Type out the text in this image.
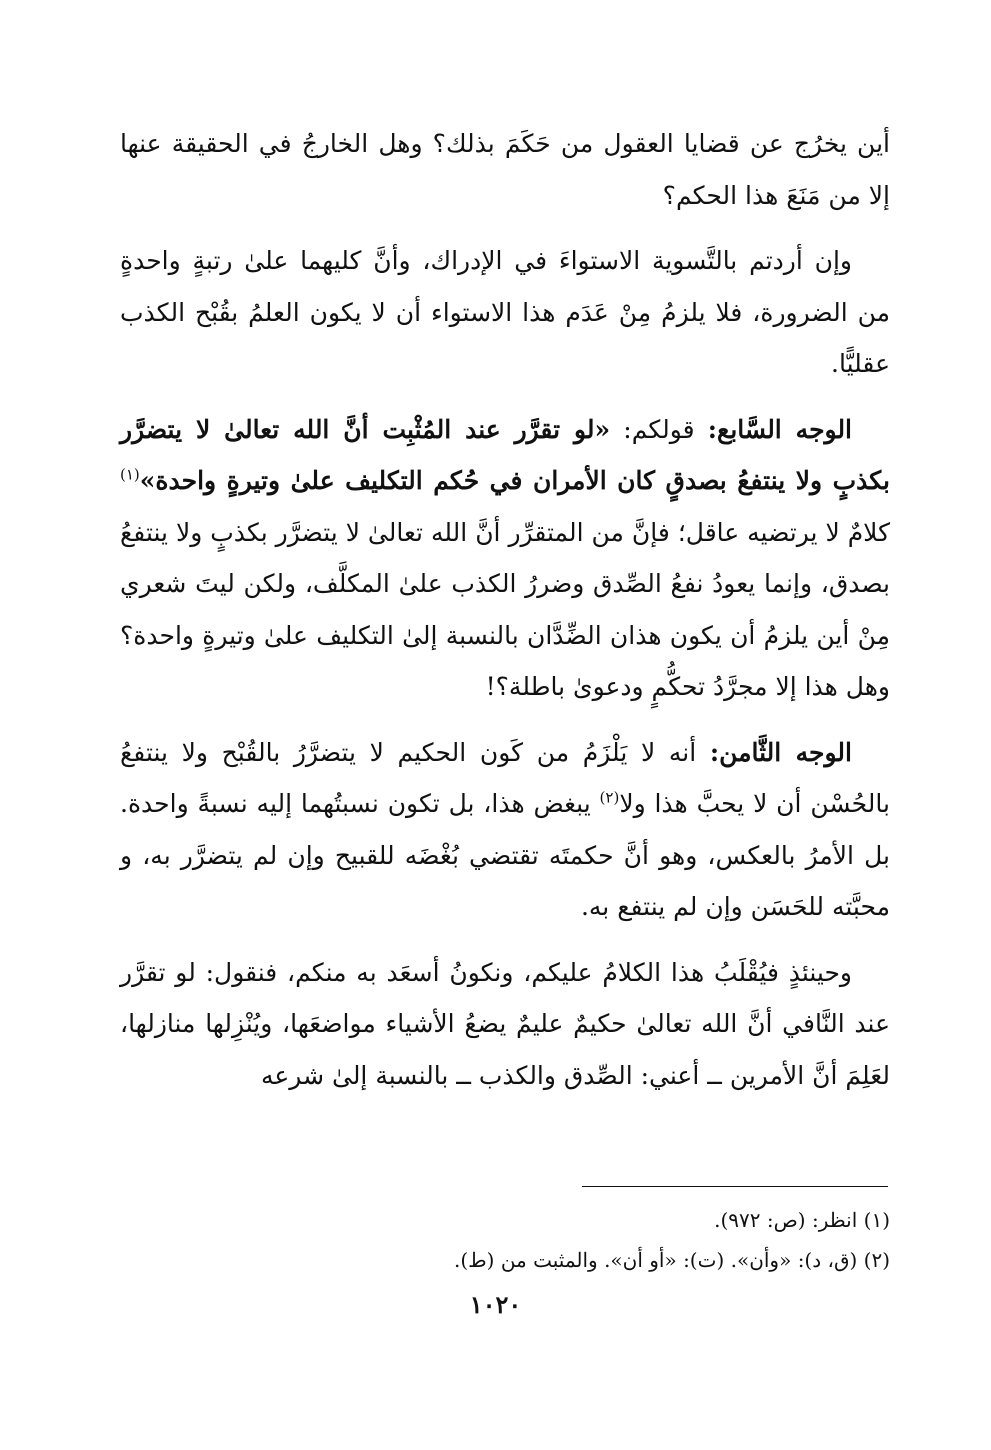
أين يخرُج عن قضايا العقول من حَكَمَ بذلك؟ وهل الخارجُ في الحقيقة عنها إلا من مَنَعَ هذا الحكم؟

وإن أردتم بالتَّسوية الاستواءَ في الإدراك، وأنَّ كليهما علىٰ رتبةٍ واحدةٍ من الضرورة، فلا يلزمُ مِنْ عَدَم هذا الاستواء أن لا يكون العلمُ بقُبْح الكذب عقليًّا.

الوجه السَّابع: قولكم: «لو تقرَّر عند المُثْبِت أنَّ الله تعالىٰ لا يتضرَّر بكذبٍ ولا ينتفعُ بصدقٍ كان الأمران في حُكم التكليف علىٰ وتيرةٍ واحدة»$^{(١)}$ كلامٌ لا يرتضيه عاقل؛ فإنَّ من المتقرِّر أنَّ الله تعالىٰ لا يتضرَّر بكذبٍ ولا ينتفعُ بصدق، وإنما يعودُ نفعُ الصِّدق وضررُ الكذب علىٰ المكلَّف، ولكن ليتَ شعري مِنْ أين يلزمُ أن يكون هذان الضِّدَّان بالنسبة إلىٰ التكليف علىٰ وتيرةٍ واحدة؟ وهل هذا إلا مجرَّدُ تحكُّمٍ ودعوىٰ باطلة؟!

الوجه الثَّامن: أنه لا يَلْزَمُ من كَون الحكيم لا يتضرَّرُ بالقُبْح ولا ينتفعُ بالحُسْن أن لا يحبَّ هذا ولا$^{(٢)}$ يبغض هذا، بل تكون نسبتُهما إليه نسبةً واحدة. بل الأمرُ بالعكس، وهو أنَّ حكمتَه تقتضي بُغْضَه للقبيح وإن لم يتضرَّر به، و محبَّته للحَسَن وإن لم ينتفع به.

وحينئذٍ فيُقْلَبُ هذا الكلامُ عليكم، ونكونُ أسعَد به منكم، فنقول: لو تقرَّر عند النَّافي أنَّ الله تعالىٰ حكيمٌ عليمٌ يضعُ الأشياء مواضعَها، ويُنْزِلها منازلها، لعَلِمَ أنَّ الأمرين ــ أعني: الصِّدق والكذب ــ بالنسبة إلىٰ شرعه

(١) انظر: (ص: ٩٧٢).

(٢) (ق، د): «وأن». (ت): «أو أن». والمثبت من (ط).

١٠٢٠
